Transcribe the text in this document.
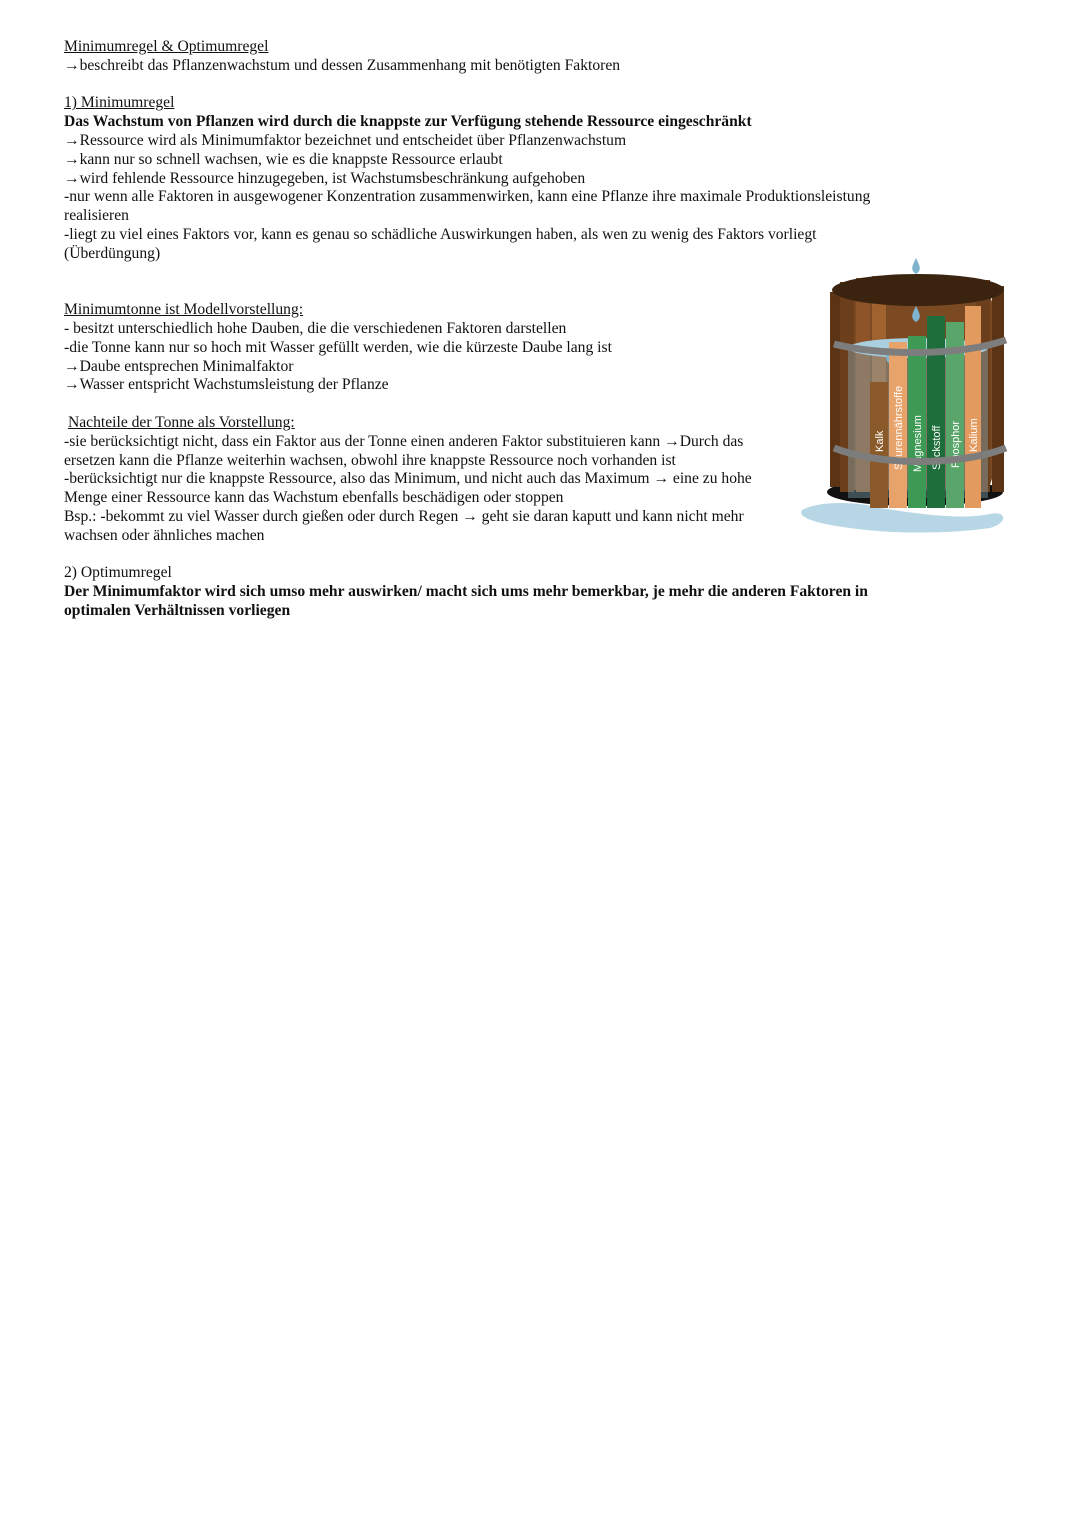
Minimumregel & Optimumregel
→beschreibt das Pflanzenwachstum und dessen Zusammenhang mit benötigten Faktoren
1) Minimumregel
Das Wachstum von Pflanzen wird durch die knappste zur Verfügung stehende Ressource eingeschränkt
→Ressource wird als Minimumfaktor bezeichnet und entscheidet über Pflanzenwachstum
→kann nur so schnell wachsen, wie es die knappste Ressource erlaubt
→wird fehlende Ressource hinzugegeben, ist Wachstumsbeschränkung aufgehoben
-nur wenn alle Faktoren in ausgewogener Konzentration zusammenwirken, kann eine Pflanze ihre maximale Produktionsleistung
realisieren
-liegt zu viel eines Faktors vor, kann es genau so schädliche Auswirkungen haben, als wen zu wenig des Faktors vorliegt
(Überdüngung)
Minimumtonne ist Modellvorstellung:
- besitzt unterschiedlich hohe Dauben, die die verschiedenen Faktoren darstellen
-die Tonne kann nur so hoch mit Wasser gefüllt werden, wie die kürzeste Daube lang ist
→Daube entsprechen Minimalfaktor
→Wasser entspricht Wachstumsleistung der Pflanze
Nachteile der Tonne als Vorstellung:
-sie berücksichtigt nicht, dass ein Faktor aus der Tonne einen anderen Faktor substituieren kann →Durch das
ersetzen kann die Pflanze weiterhin wachsen, obwohl ihre knappste Ressource noch vorhanden ist
-berücksichtigt nur die knappste Ressource, also das Minimum, und nicht auch das Maximum → eine zu hohe
Menge einer Ressource kann das Wachstum ebenfalls beschädigen oder stoppen
Bsp.: -bekommt zu viel Wasser durch gießen oder durch Regen → geht sie daran kaputt und kann nicht mehr
wachsen oder ähnliches machen
2) Optimumregel
Der Minimumfaktor wird sich umso mehr auswirken/ macht sich ums mehr bemerkbar, je mehr die anderen Faktoren in
optimalen Verhältnissen vorliegen
Kalk Spurennährstoffe Magnesium Stickstoff Phosphor Kalium
